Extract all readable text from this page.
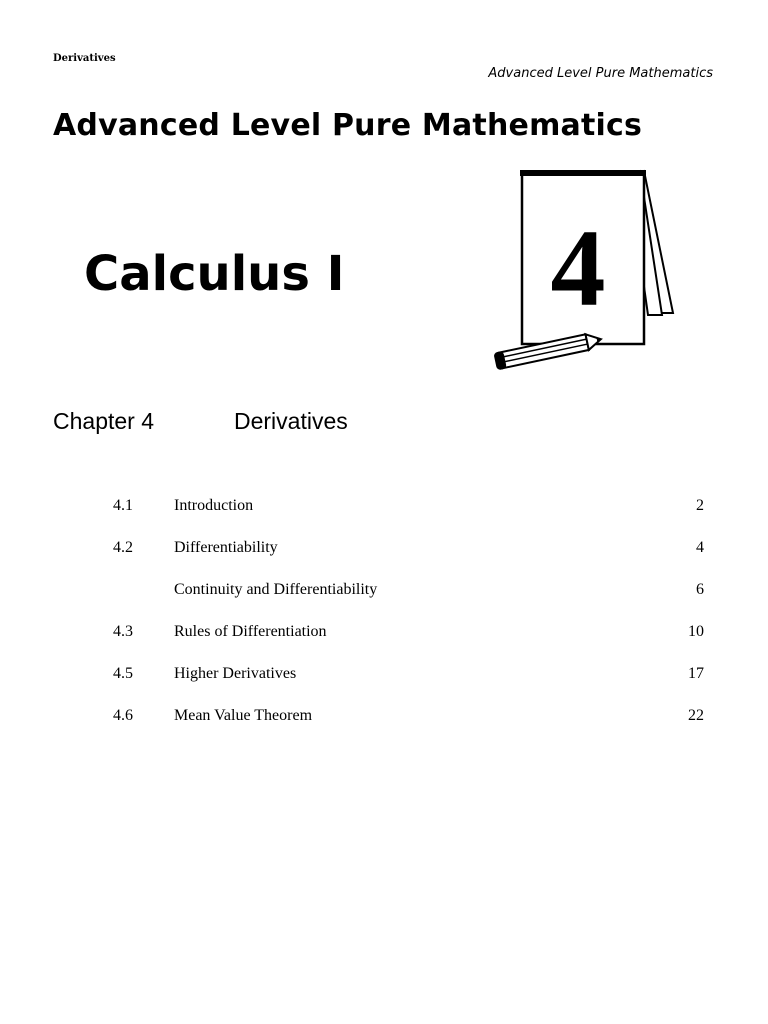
Derivatives
Advanced Level Pure Mathematics
Advanced Level Pure Mathematics
Calculus I 4
Chapter 4	Derivatives
4.1	Introduction	2
4.2	Differentiability	4
Continuity and Differentiability	6
4.3	Rules of Differentiation	10
4.5	Higher Derivatives	17
4.6	Mean Value Theorem	22
